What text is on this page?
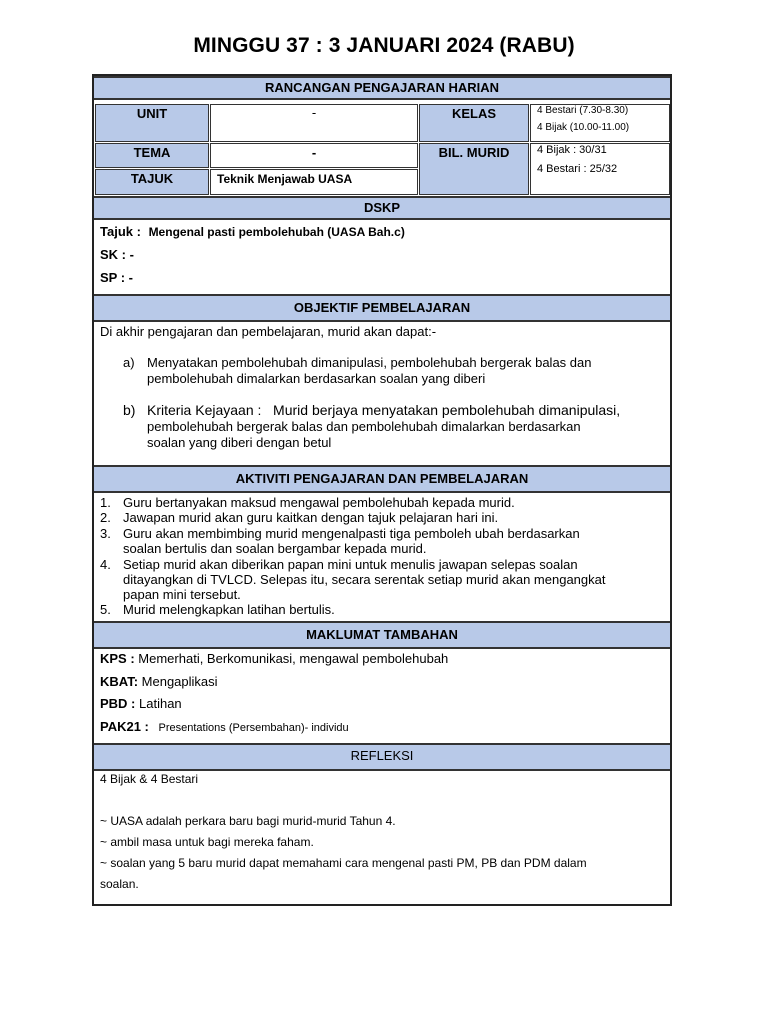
MINGGU 37 : 3 JANUARI 2024 (RABU)
RANCANGAN PENGAJARAN HARIAN
UNIT	-	KELAS	4 Bestari (7.30-8.30)
4 Bijak (10.00-11.00)
TEMA	-	BIL. MURID	4 Bijak : 30/31
4 Bestari : 25/32
TAJUK	Teknik Menjawab UASA
DSKP
Tajuk : Mengenal pasti pembolehubah (UASA Bah.c)
SK : -
SP : -
OBJEKTIF PEMBELAJARAN
Di akhir pengajaran dan pembelajaran, murid akan dapat:-
a) Menyatakan pembolehubah dimanipulasi, pembolehubah bergerak balas dan
pembolehubah dimalarkan berdasarkan soalan yang diberi
b) Kriteria Kejayaan :   Murid berjaya menyatakan pembolehubah dimanipulasi,
pembolehubah bergerak balas dan pembolehubah dimalarkan berdasarkan
soalan yang diberi dengan betul
AKTIVITI PENGAJARAN DAN PEMBELAJARAN
1. Guru bertanyakan maksud mengawal pembolehubah kepada murid.
2. Jawapan murid akan guru kaitkan dengan tajuk pelajaran hari ini.
3. Guru akan membimbing murid mengenalpasti tiga pemboleh ubah berdasarkan
soalan bertulis dan soalan bergambar kepada murid.
4. Setiap murid akan diberikan papan mini untuk menulis jawapan selepas soalan
ditayangkan di TVLCD. Selepas itu, secara serentak setiap murid akan mengangkat
papan mini tersebut.
5. Murid melengkapkan latihan bertulis.
MAKLUMAT TAMBAHAN
KPS : Memerhati, Berkomunikasi, mengawal pembolehubah
KBAT: Mengaplikasi
PBD : Latihan
PAK21 : Presentations (Persembahan)- individu
REFLEKSI
4 Bijak & 4 Bestari
~ UASA adalah perkara baru bagi murid-murid Tahun 4.
~ ambil masa untuk bagi mereka faham.
~ soalan yang 5 baru murid dapat memahami cara mengenal pasti PM, PB dan PDM dalam
soalan.
